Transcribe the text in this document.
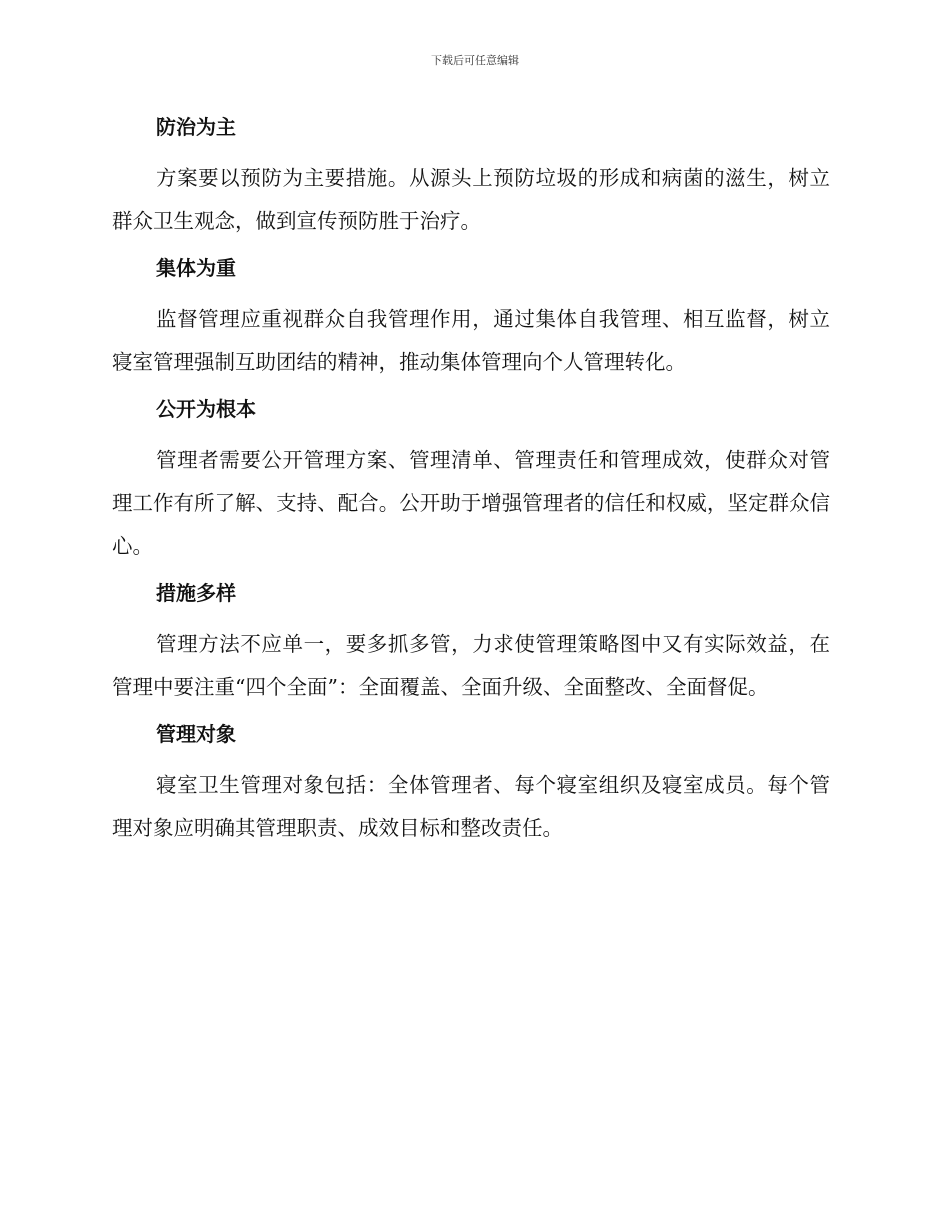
下载后可任意编辑
防治为主

方案要以预防为主要措施。从源头上预防垃圾的形成和病菌的滋生，树立群众卫生观念，做到宣传预防胜于治疗。

集体为重

监督管理应重视群众自我管理作用，通过集体自我管理、相互监督，树立寝室管理强制互助团结的精神，推动集体管理向个人管理转化。

公开为根本

管理者需要公开管理方案、管理清单、管理责任和管理成效，使群众对管理工作有所了解、支持、配合。公开助于增强管理者的信任和权威，坚定群众信心。

措施多样

管理方法不应单一，要多抓多管，力求使管理策略图中又有实际效益，在管理中要注重“四个全面”：全面覆盖、全面升级、全面整改、全面督促。

管理对象

寝室卫生管理对象包括：全体管理者、每个寝室组织及寝室成员。每个管理对象应明确其管理职责、成效目标和整改责任。
